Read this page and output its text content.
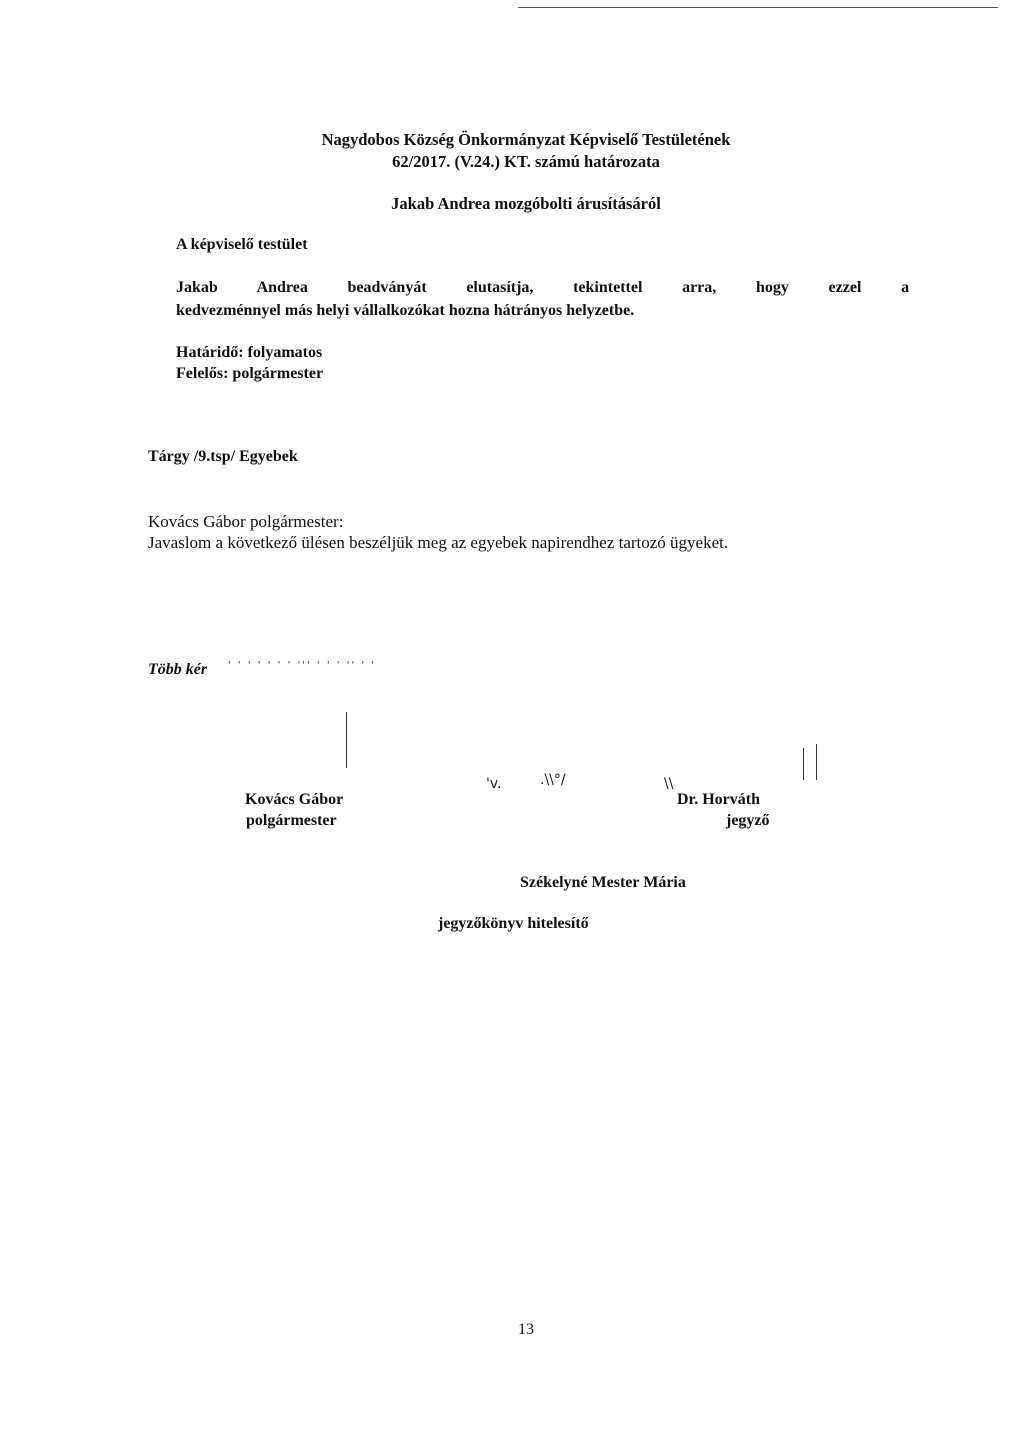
Nagydobos Község Önkormányzat Képviselő Testületének
62/2017. (V.24.) KT. számú határozata
Jakab Andrea mozgóbolti árusításáról
A képviselő testület
Jakab Andrea beadványát elutasítja, tekintettel arra, hogy ezzel a
kedvezménnyel más helyi vállalkozókat hozna hátrányos helyzetbe.
Határidő: folyamatos
Felelős: polgármester
Tárgy /9.tsp/ Egyebek
Kovács Gábor polgármester:
Javaslom a következő ülésen beszéljük meg az egyebek napirendhez tartozó ügyeket.
Több kér ' ' ' ' ' ' ' ''' ' ' ' '' ' '
'v.	.\\°/	\\
Kovács Gábor
polgármester
Dr. Horváth
jegyző
Székelyné Mester Mária
jegyzőkönyv hitelesítő
13
